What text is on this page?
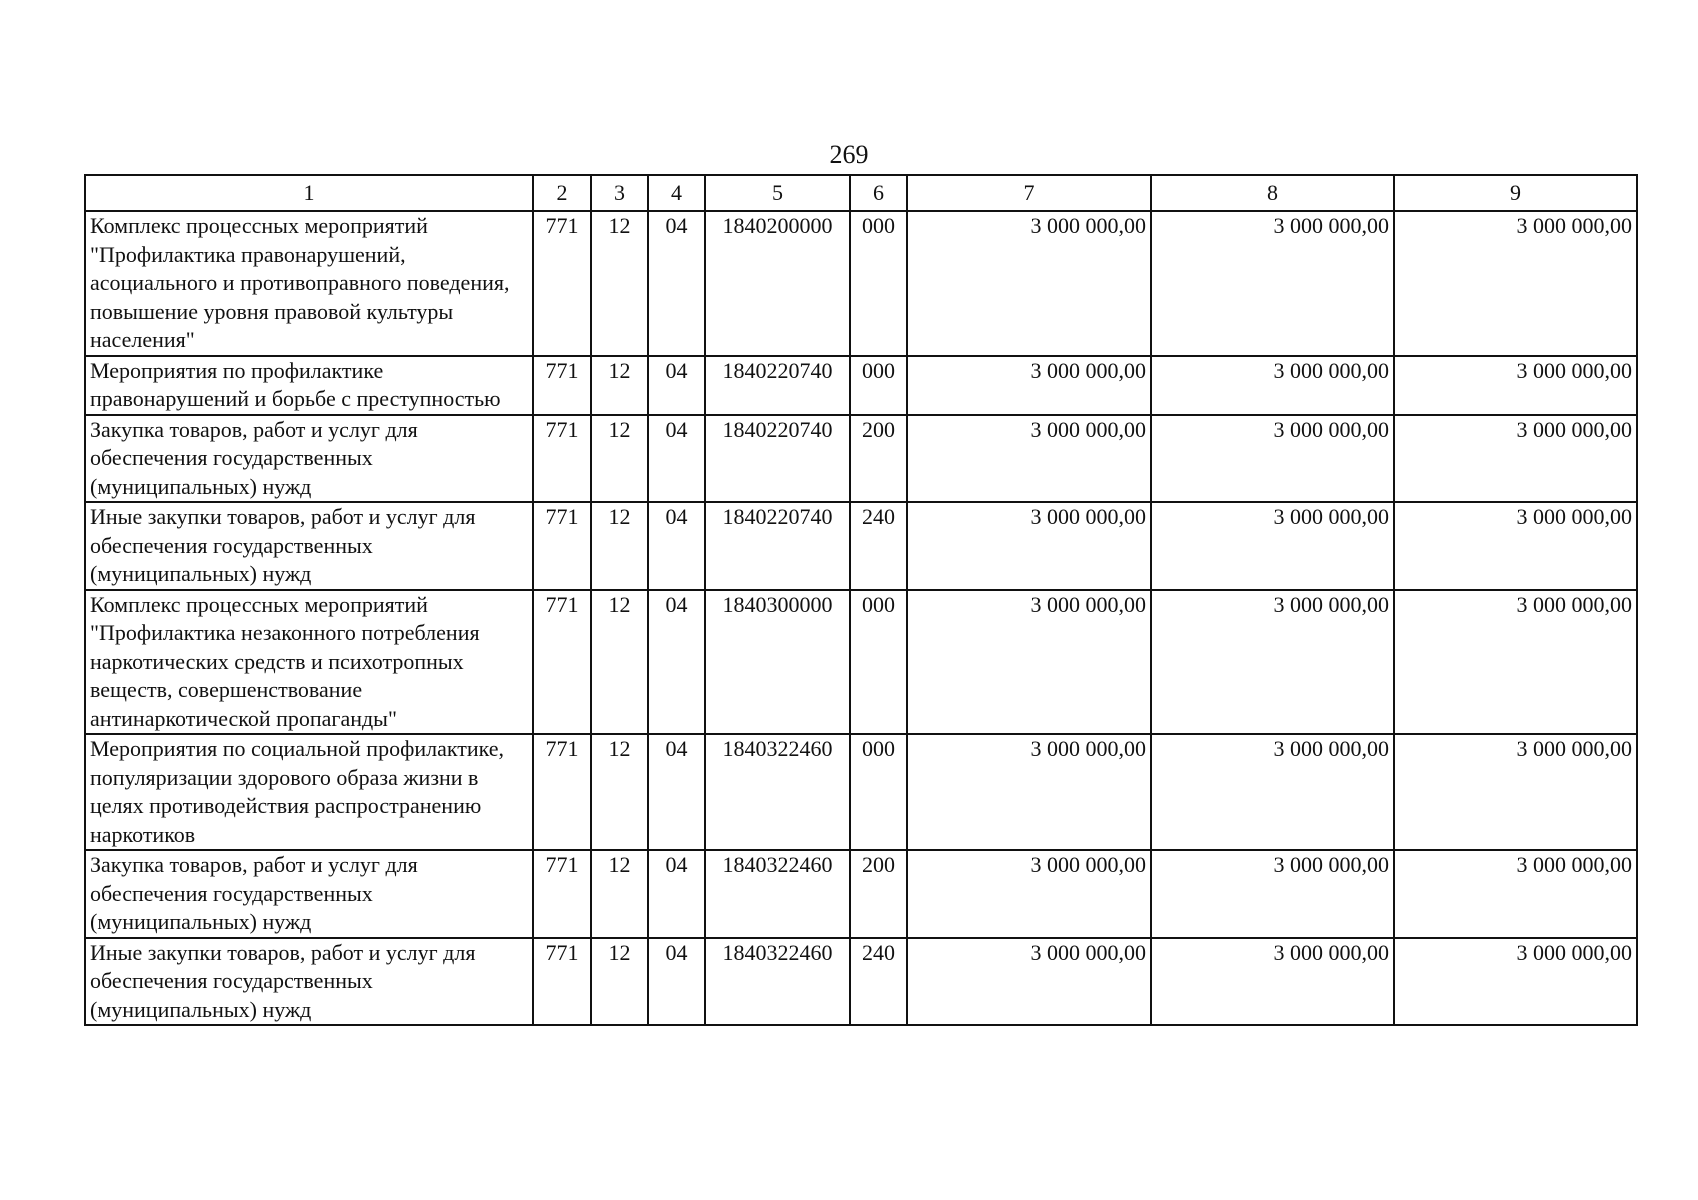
269
1	2	3	4	5	6	7	8	9
Комплекс процессных мероприятий "Профилактика правонарушений, асоциального и противоправного поведения, повышение уровня правовой культуры населения"	771	12	04	1840200000	000	3 000 000,00	3 000 000,00	3 000 000,00
Мероприятия по профилактике правонарушений и борьбе с преступностью	771	12	04	1840220740	000	3 000 000,00	3 000 000,00	3 000 000,00
Закупка товаров, работ и услуг для обеспечения государственных (муниципальных) нужд	771	12	04	1840220740	200	3 000 000,00	3 000 000,00	3 000 000,00
Иные закупки товаров, работ и услуг для обеспечения государственных (муниципальных) нужд	771	12	04	1840220740	240	3 000 000,00	3 000 000,00	3 000 000,00
Комплекс процессных мероприятий "Профилактика незаконного потребления наркотических средств и психотропных веществ, совершенствование антинаркотической пропаганды"	771	12	04	1840300000	000	3 000 000,00	3 000 000,00	3 000 000,00
Мероприятия по социальной профилактике, популяризации здорового образа жизни в целях противодействия распространению наркотиков	771	12	04	1840322460	000	3 000 000,00	3 000 000,00	3 000 000,00
Закупка товаров, работ и услуг для обеспечения государственных (муниципальных) нужд	771	12	04	1840322460	200	3 000 000,00	3 000 000,00	3 000 000,00
Иные закупки товаров, работ и услуг для обеспечения государственных (муниципальных) нужд	771	12	04	1840322460	240	3 000 000,00	3 000 000,00	3 000 000,00
